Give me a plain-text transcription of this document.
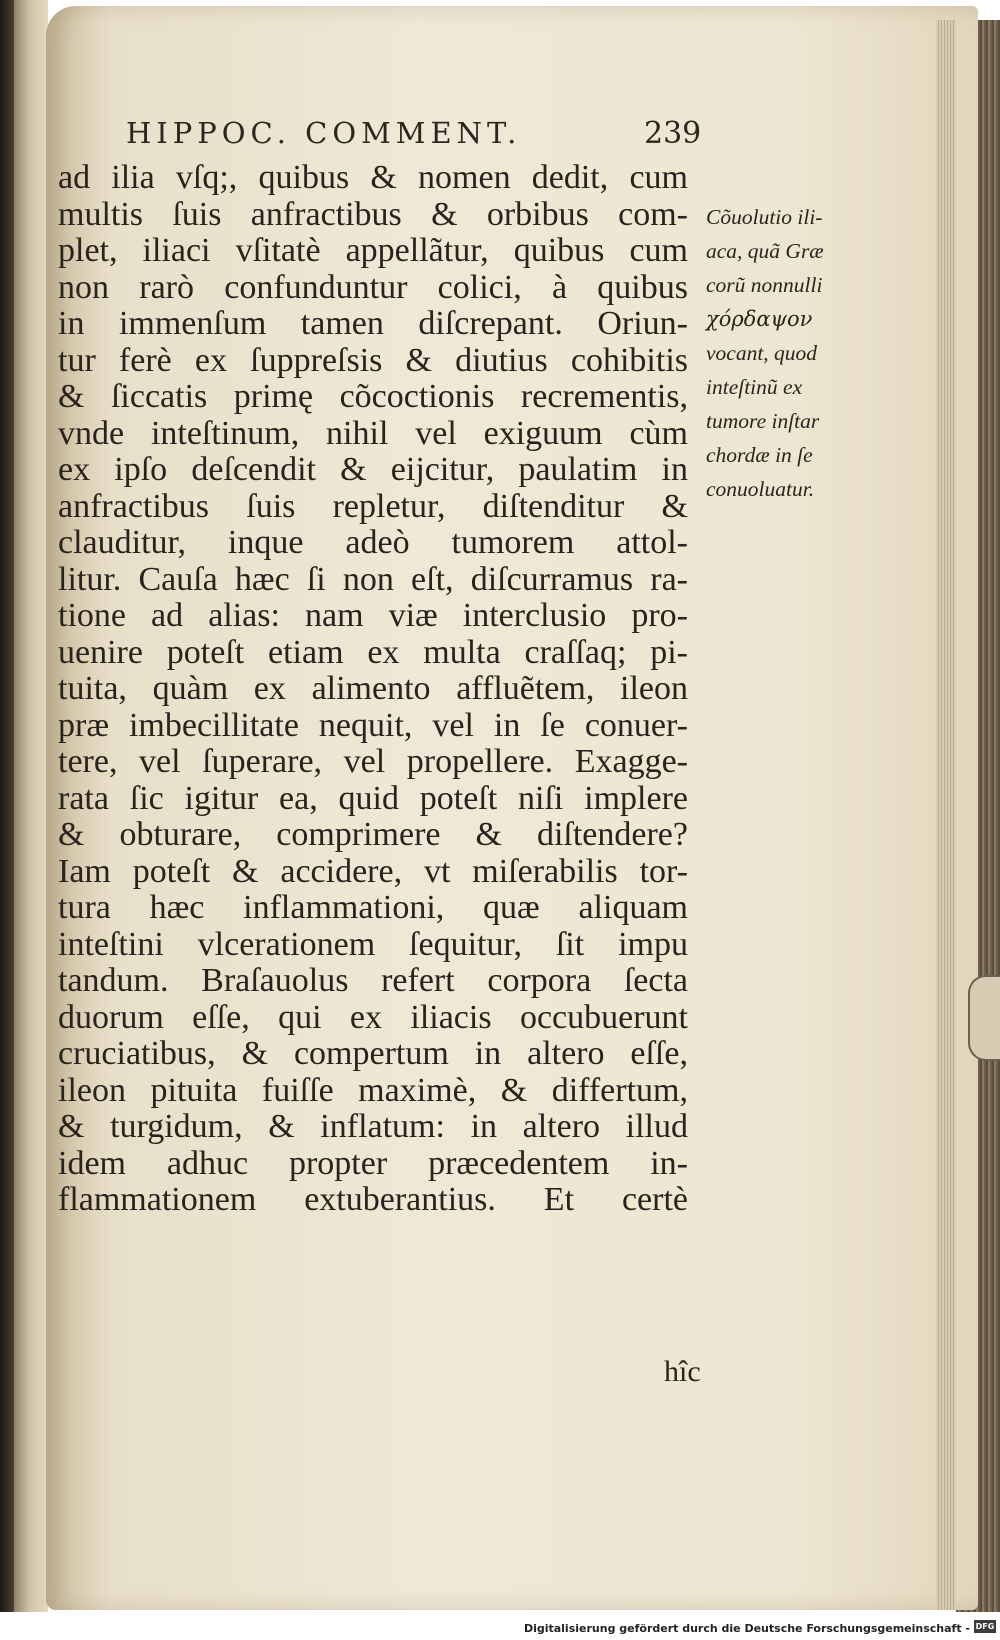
HIPPOC. COMMENT.	239
ad ilia vſq;, quibus & nomen dedit, cum
multis ſuis anfractibus & orbibus com-
plet, iliaci vſitatè appellãtur, quibus cum
non rarò confunduntur colici, à quibus
in immenſum tamen diſcrepant. Oriun-
tur ferè ex ſuppreſsis & diutius cohibitis
& ſiccatis primę cõcoctionis recrementis,
vnde inteſtinum, nihil vel exiguum cùm
ex ipſo deſcendit & eijcitur, paulatim in
anfractibus ſuis repletur, diſtenditur &
clauditur, inque adeò tumorem attol-
litur. Cauſa hæc ſi non eſt, diſcurramus ra-
tione ad alias: nam viæ interclusio pro-
uenire poteſt etiam ex multa craſſaq; pi-
tuita, quàm ex alimento affluẽtem, ileon
præ imbecillitate nequit, vel in ſe conuer-
tere, vel ſuperare, vel propellere. Exagge-
rata ſic igitur ea, quid poteſt niſi implere
& obturare, comprimere & diſtendere?
Iam poteſt & accidere, vt miſerabilis tor-
tura hæc inflammationi, quæ aliquam
inteſtini vlcerationem ſequitur, ſit impu
tandum. Braſauolus refert corpora ſecta
duorum eſſe, qui ex iliacis occubuerunt
cruciatibus, & compertum in altero eſſe,
ileon pituita fuiſſe maximè, & differtum,
& turgidum, & inflatum: in altero illud
idem adhuc propter præcedentem in-
flammationem extuberantius. Et certè
hîc
Cõuolutio ili-
aca, quã Græ
corũ nonnulli
χόρδαψον
vocant, quod
inteſtinũ ex
tumore inſtar
chordæ in ſe
conuoluatur.
Digitalisierung gefördert durch die Deutsche Forschungsgemeinschaft - DFG
